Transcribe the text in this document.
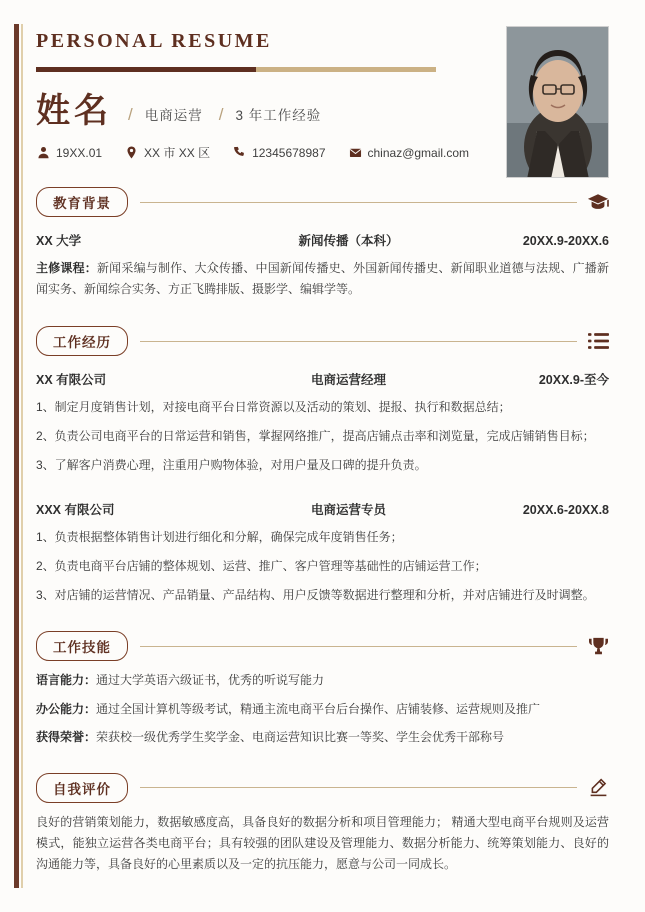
PERSONAL RESUME
姓名 / 电商运营 / 3 年工作经验
19XX.01	XX 市 XX 区	12345678987	chinaz@gmail.com
教育背景
XX 大学	新闻传播（本科）	20XX.9-20XX.6
主修课程：新闻采编与制作、大众传播、中国新闻传播史、外国新闻传播史、新闻职业道德与法规、广播新闻实务、新闻综合实务、方正飞腾排版、摄影学、编辑学等。
工作经历
XX 有限公司	电商运营经理	20XX.9-至今
1、制定月度销售计划，对接电商平台日常资源以及活动的策划、提报、执行和数据总结；
2、负责公司电商平台的日常运营和销售，掌握网络推广，提高店铺点击率和浏览量，完成店铺销售目标；
3、了解客户消费心理，注重用户购物体验，对用户量及口碑的提升负责。
XXX 有限公司	电商运营专员	20XX.6-20XX.8
1、负责根据整体销售计划进行细化和分解，确保完成年度销售任务；
2、负责电商平台店铺的整体规划、运营、推广、客户管理等基础性的店铺运营工作；
3、对店铺的运营情况、产品销量、产品结构、用户反馈等数据进行整理和分析，并对店铺进行及时调整。
工作技能
语言能力：通过大学英语六级证书，优秀的听说写能力
办公能力：通过全国计算机等级考试，精通主流电商平台后台操作、店铺装修、运营规则及推广
获得荣誉：荣获校一级优秀学生奖学金、电商运营知识比赛一等奖、学生会优秀干部称号
自我评价
良好的营销策划能力，数据敏感度高，具备良好的数据分析和项目管理能力； 精通大型电商平台规则及运营模式，能独立运营各类电商平台；具有较强的团队建设及管理能力、数据分析能力、统筹策划能力、良好的沟通能力等，具备良好的心里素质以及一定的抗压能力，愿意与公司一同成长。
